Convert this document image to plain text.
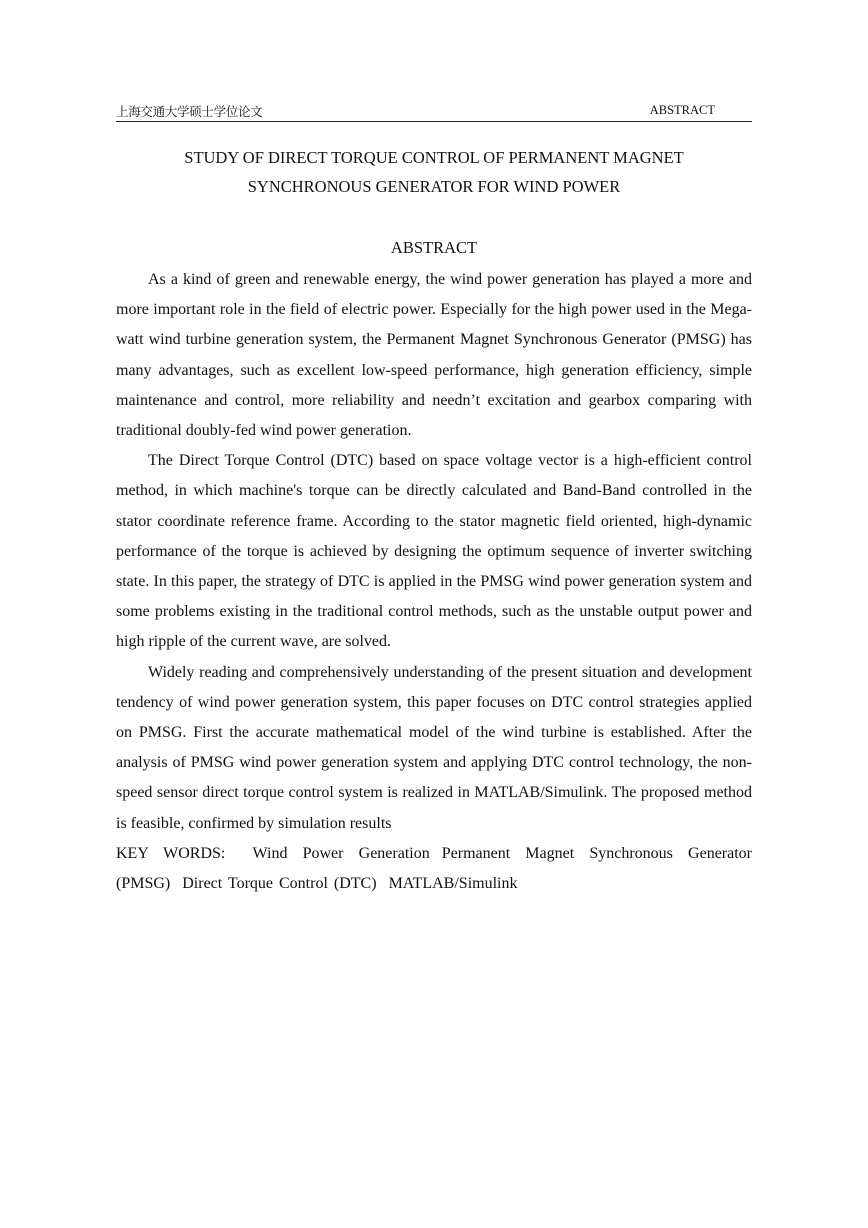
上海交通大学硕士学位论文	ABSTRACT
STUDY OF DIRECT TORQUE CONTROL OF PERMANENT MAGNET
SYNCHRONOUS GENERATOR FOR WIND POWER
ABSTRACT

As a kind of green and renewable energy, the wind power generation has played a more and more important role in the field of electric power. Especially for the high power used in the Mega-watt wind turbine generation system, the Permanent Magnet Synchronous Generator (PMSG) has many advantages, such as excellent low-speed performance, high generation efficiency, simple maintenance and control, more reliability and needn’t excitation and gearbox comparing with traditional doubly-fed wind power generation.

The Direct Torque Control (DTC) based on space voltage vector is a high-efficient control method, in which machine's torque can be directly calculated and Band-Band controlled in the stator coordinate reference frame. According to the stator magnetic field oriented, high-dynamic performance of the torque is achieved by designing the optimum sequence of inverter switching state. In this paper, the strategy of DTC is applied in the PMSG wind power generation system and some problems existing in the traditional control methods, such as the unstable output power and high ripple of the current wave, are solved.

Widely reading and comprehensively understanding of the present situation and development tendency of wind power generation system, this paper focuses on DTC control strategies applied on PMSG. First the accurate mathematical model of the wind turbine is established. After the analysis of PMSG wind power generation system and applying DTC control technology, the non-speed sensor direct torque control system is realized in MATLAB/Simulink. The proposed method is feasible, confirmed by simulation results

KEY WORDS: Wind Power Generation Permanent Magnet Synchronous Generator (PMSG) Direct Torque Control (DTC) MATLAB/Simulink
